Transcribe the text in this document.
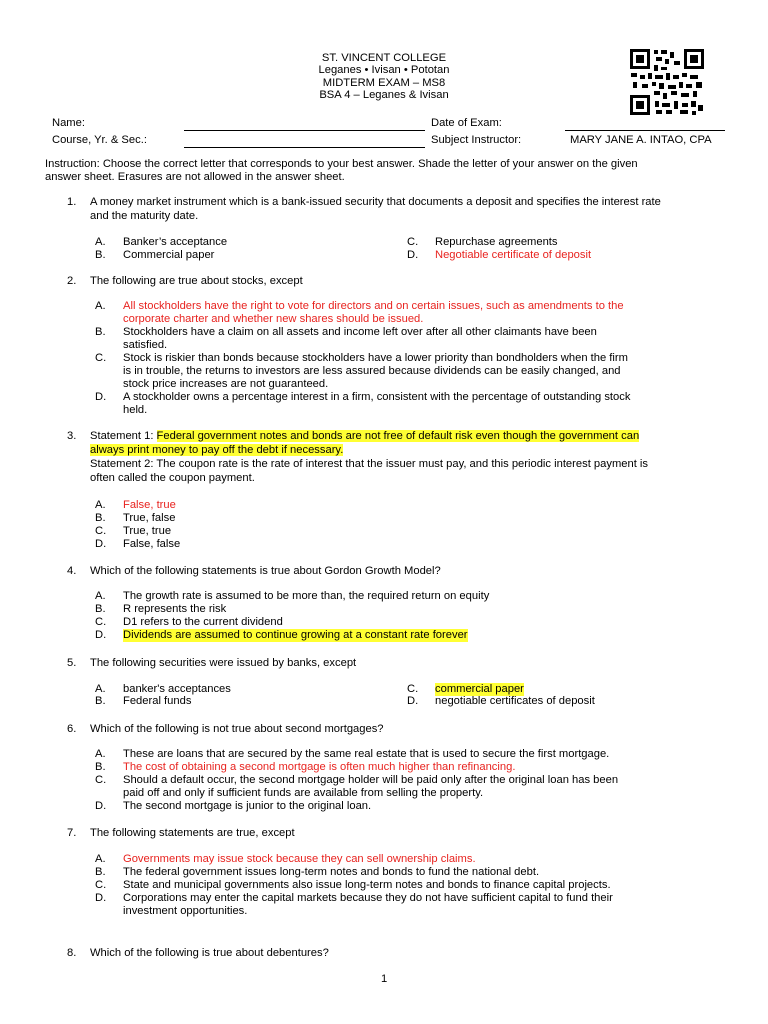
ST. VINCENT COLLEGE
Leganes • Ivisan • Pototan
MIDTERM EXAM – MS8
BSA 4 – Leganes & Ivisan
Name:	Date of Exam:
Course, Yr. & Sec.:	Subject Instructor:	MARY JANE A. INTAO, CPA
Instruction: Choose the correct letter that corresponds to your best answer. Shade the letter of your answer on the given
answer sheet. Erasures are not allowed in the answer sheet.
1. A money market instrument which is a bank-issued security that documents a deposit and specifies the interest rate
and the maturity date.
A. Banker’s acceptance
B. Commercial paper
C. Repurchase agreements
D. Negotiable certificate of deposit
2. The following are true about stocks, except
A. All stockholders have the right to vote for directors and on certain issues, such as amendments to the
corporate charter and whether new shares should be issued.
B. Stockholders have a claim on all assets and income left over after all other claimants have been
satisfied.
C. Stock is riskier than bonds because stockholders have a lower priority than bondholders when the firm
is in trouble, the returns to investors are less assured because dividends can be easily changed, and
stock price increases are not guaranteed.
D. A stockholder owns a percentage interest in a firm, consistent with the percentage of outstanding stock
held.
3. Statement 1: Federal government notes and bonds are not free of default risk even though the government can
always print money to pay off the debt if necessary.
Statement 2: The coupon rate is the rate of interest that the issuer must pay, and this periodic interest payment is
often called the coupon payment.
A. False, true
B. True, false
C. True, true
D. False, false
4. Which of the following statements is true about Gordon Growth Model?
A. The growth rate is assumed to be more than, the required return on equity
B. R represents the risk
C. D1 refers to the current dividend
D. Dividends are assumed to continue growing at a constant rate forever
5. The following securities were issued by banks, except
A. banker's acceptances
B. Federal funds
C. commercial paper
D. negotiable certificates of deposit
6. Which of the following is not true about second mortgages?
A. These are loans that are secured by the same real estate that is used to secure the first mortgage.
B. The cost of obtaining a second mortgage is often much higher than refinancing.
C. Should a default occur, the second mortgage holder will be paid only after the original loan has been
paid off and only if sufficient funds are available from selling the property.
D. The second mortgage is junior to the original loan.
7. The following statements are true, except
A. Governments may issue stock because they can sell ownership claims.
B. The federal government issues long-term notes and bonds to fund the national debt.
C. State and municipal governments also issue long-term notes and bonds to finance capital projects.
D. Corporations may enter the capital markets because they do not have sufficient capital to fund their
investment opportunities.
8. Which of the following is true about debentures?
1
